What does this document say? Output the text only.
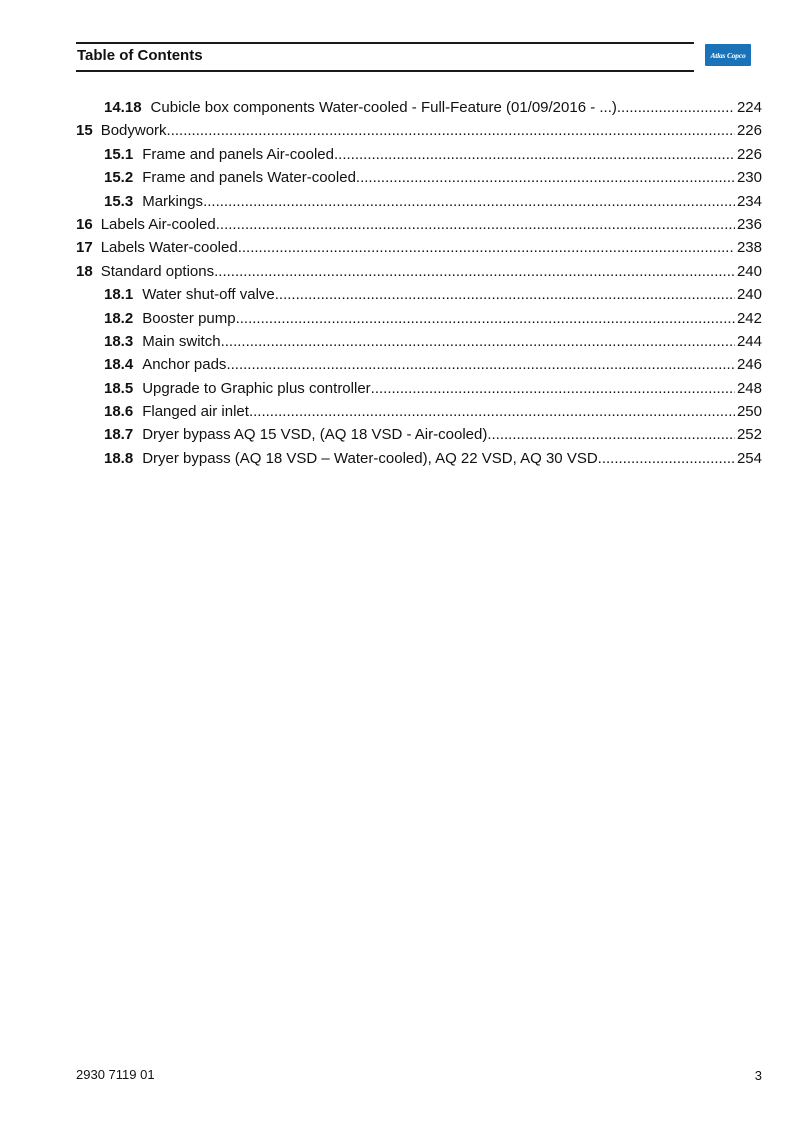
Table of Contents	Atlas Copco
14.18 Cubicle box components Water-cooled - Full-Feature (01/09/2016 - ...) .....	224
15 Bodywork .....	226
15.1 Frame and panels Air-cooled .....	226
15.2 Frame and panels Water-cooled .....	230
15.3 Markings .....	234
16 Labels Air-cooled .....	236
17 Labels Water-cooled .....	238
18 Standard options .....	240
18.1 Water shut-off valve .....	240
18.2 Booster pump .....	242
18.3 Main switch .....	244
18.4 Anchor pads .....	246
18.5 Upgrade to Graphic plus controller .....	248
18.6 Flanged air inlet .....	250
18.7 Dryer bypass AQ 15 VSD, (AQ 18 VSD - Air-cooled) .....	252
18.8 Dryer bypass (AQ 18 VSD – Water-cooled), AQ 22 VSD, AQ 30 VSD .....	254
2930 7119 01	3
